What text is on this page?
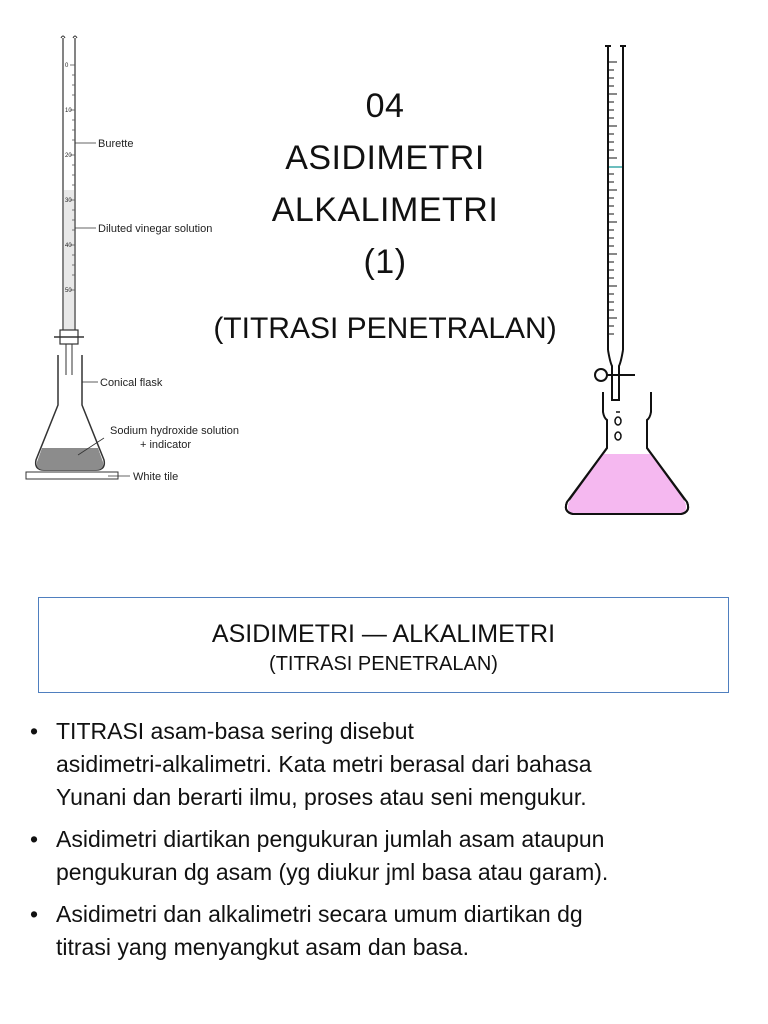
0
10
20
30
40
50
Burette
Diluted vinegar solution
Conical flask
Sodium hydroxide solution
+ indicator
White tile
04
ASIDIMETRI
ALKALIMETRI
(1)
(TITRASI PENETRALAN)
ASIDIMETRI — ALKALIMETRI
(TITRASI PENETRALAN)
• TITRASI asam-basa sering disebut
asidimetri-alkalimetri. Kata metri berasal dari bahasa
Yunani dan berarti ilmu, proses atau seni mengukur.
• Asidimetri diartikan pengukuran jumlah asam ataupun
pengukuran dg asam (yg diukur jml basa atau garam).
• Asidimetri dan alkalimetri secara umum diartikan dg
titrasi yang menyangkut asam dan basa.
